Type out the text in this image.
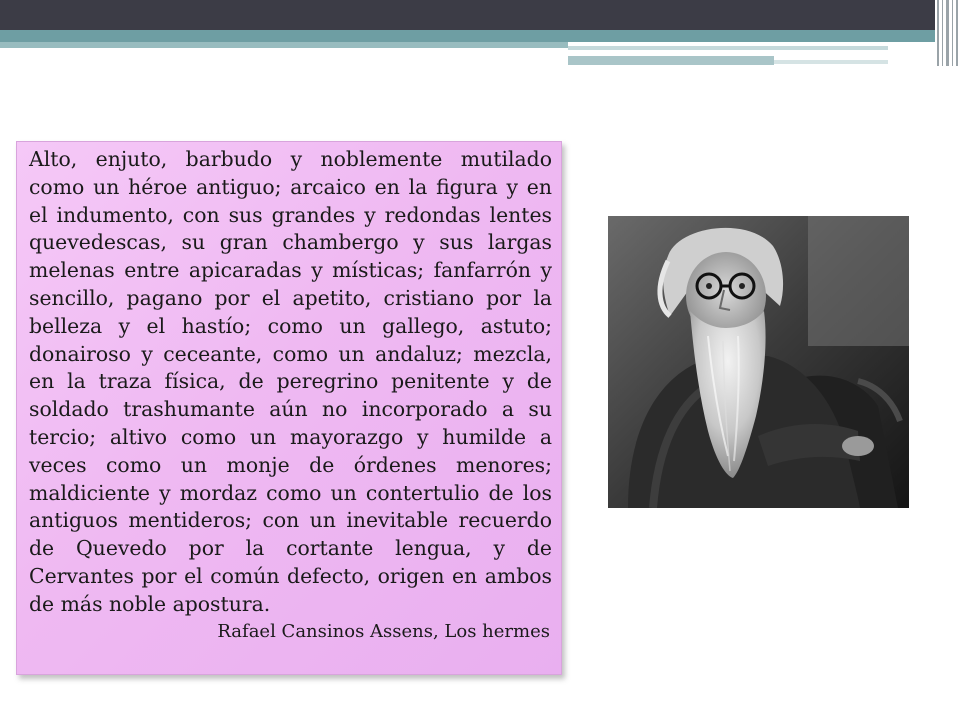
Alto, enjuto, barbudo y noblemente mutilado como un héroe antiguo; arcaico en la figura y en el indumento, con sus grandes y redondas lentes quevedescas, su gran chambergo y sus largas melenas entre apicaradas y místicas; fanfarrón y sencillo, pagano por el apetito, cristiano por la belleza y el hastío; como un gallego, astuto; donairoso y ceceante, como un andaluz; mezcla, en la traza física, de peregrino penitente y de soldado trashumante aún no incorporado a su tercio; altivo como un mayorazgo y humilde a veces como un monje de órdenes menores; maldiciente y mordaz como un contertulio de los antiguos mentideros; con un inevitable recuerdo de Quevedo por la cortante lengua, y de Cervantes por el común defecto, origen en ambos de más noble apostura.

Rafael Cansinos Assens, Los hermes
